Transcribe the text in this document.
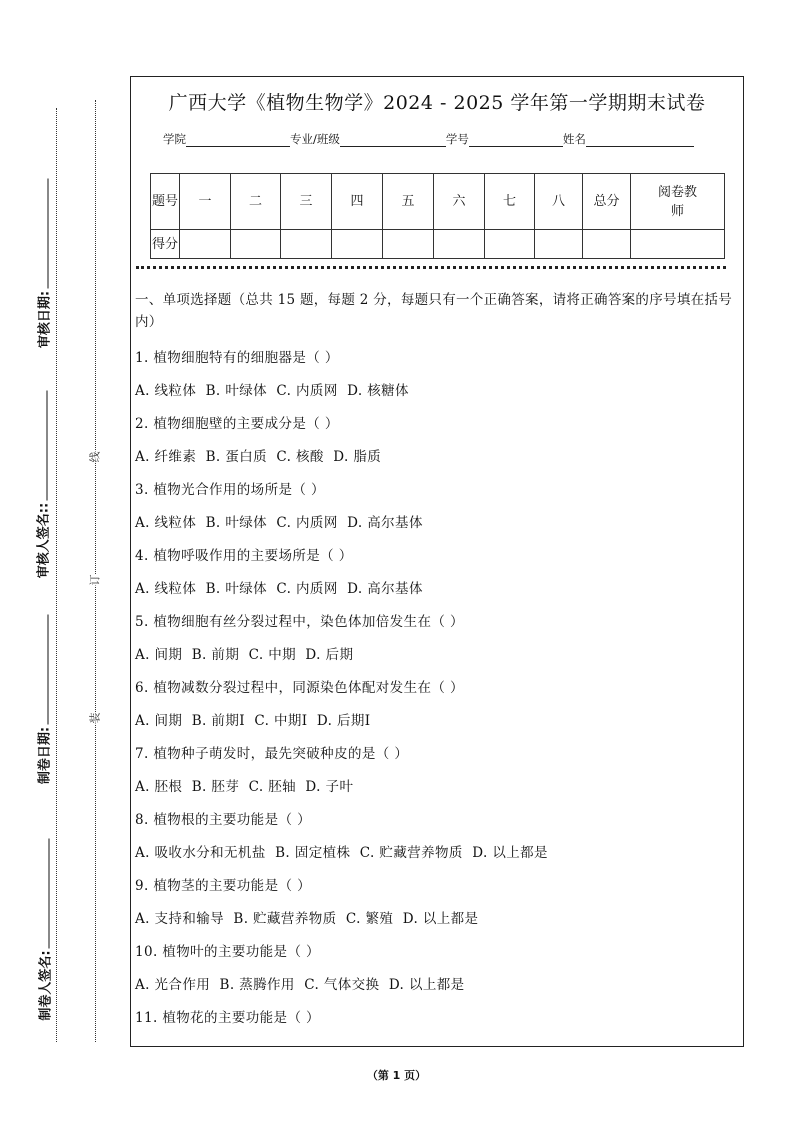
审核日期:
审核人签名::
制卷日期:
制卷人签名:
线
订
装
广西大学《植物生物学》2024 - 2025 学年第一学期期末试卷
学院	专业/班级	学号	姓名
题号	一	二	三	四	五	六	七	八	总分	阅卷教师
得分										
一、单项选择题（总共 15 题，每题 2 分，每题只有一个正确答案，请将正确答案的序号填在括号内）
1. 植物细胞特有的细胞器是（ ）
A. 线粒体  B. 叶绿体  C. 内质网  D. 核糖体
2. 植物细胞壁的主要成分是（ ）
A. 纤维素  B. 蛋白质  C. 核酸  D. 脂质
3. 植物光合作用的场所是（ ）
A. 线粒体  B. 叶绿体  C. 内质网  D. 高尔基体
4. 植物呼吸作用的主要场所是（ ）
A. 线粒体  B. 叶绿体  C. 内质网  D. 高尔基体
5. 植物细胞有丝分裂过程中，染色体加倍发生在（ ）
A. 间期  B. 前期  C. 中期  D. 后期
6. 植物减数分裂过程中，同源染色体配对发生在（ ）
A. 间期  B. 前期Ⅰ  C. 中期Ⅰ  D. 后期Ⅰ
7. 植物种子萌发时，最先突破种皮的是（ ）
A. 胚根  B. 胚芽  C. 胚轴  D. 子叶
8. 植物根的主要功能是（ ）
A. 吸收水分和无机盐  B. 固定植株  C. 贮藏营养物质  D. 以上都是
9. 植物茎的主要功能是（ ）
A. 支持和输导  B. 贮藏营养物质  C. 繁殖  D. 以上都是
10. 植物叶的主要功能是（ ）
A. 光合作用  B. 蒸腾作用  C. 气体交换  D. 以上都是
11. 植物花的主要功能是（ ）
（第 1 页）
